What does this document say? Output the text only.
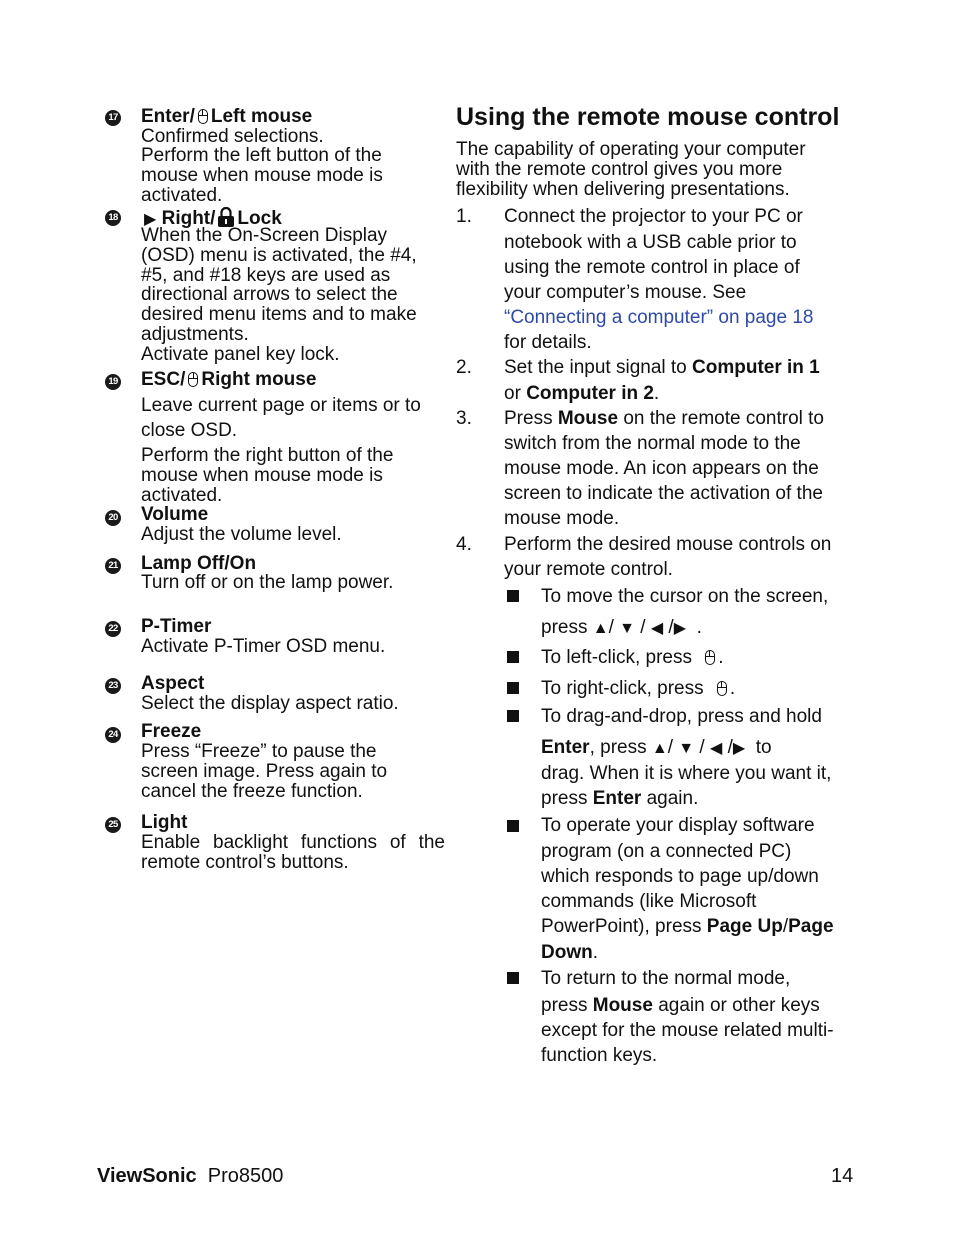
17 Enter/ Left mouse
Confirmed selections.
Perform the left button of the
mouse when mouse mode is
activated.
18 ▶ Right/ Lock
When the On-Screen Display
(OSD) menu is activated, the #4,
#5, and #18 keys are used as
directional arrows to select the
desired menu items and to make
adjustments.
Activate panel key lock.
19 ESC/ Right mouse
Leave current page or items or to
close OSD.
Perform the right button of the
mouse when mouse mode is
activated.
20 Volume
Adjust the volume level.
21 Lamp Off/On
Turn off or on the lamp power.
22 P-Timer
Activate P-Timer OSD menu.
23 Aspect
Select the display aspect ratio.
24 Freeze
Press “Freeze” to pause the
screen image. Press again to
cancel the freeze function.
25 Light
Enable backlight functions of the
remote control’s buttons.
Using the remote mouse control
The capability of operating your computer
with the remote control gives you more
flexibility when delivering presentations.
1. Connect the projector to your PC or
notebook with a USB cable prior to
using the remote control in place of
your computer’s mouse. See
“Connecting a computer” on page 18
for details.
2. Set the input signal to Computer in 1
or Computer in 2.
3. Press Mouse on the remote control to
switch from the normal mode to the
mouse mode. An icon appears on the
screen to indicate the activation of the
mouse mode.
4. Perform the desired mouse controls on
your remote control.
To move the cursor on the screen,
press ▲/ ▼ / ◀ /▶  .
To left-click, press .
To right-click, press .
To drag-and-drop, press and hold
Enter, press ▲/ ▼ / ◀ /▶ to
drag. When it is where you want it,
press Enter again.
To operate your display software
program (on a connected PC)
which responds to page up/down
commands (like Microsoft
PowerPoint), press Page Up/Page
Down.
To return to the normal mode,
press Mouse again or other keys
except for the mouse related multi-
function keys.
ViewSonic Pro8500	14
